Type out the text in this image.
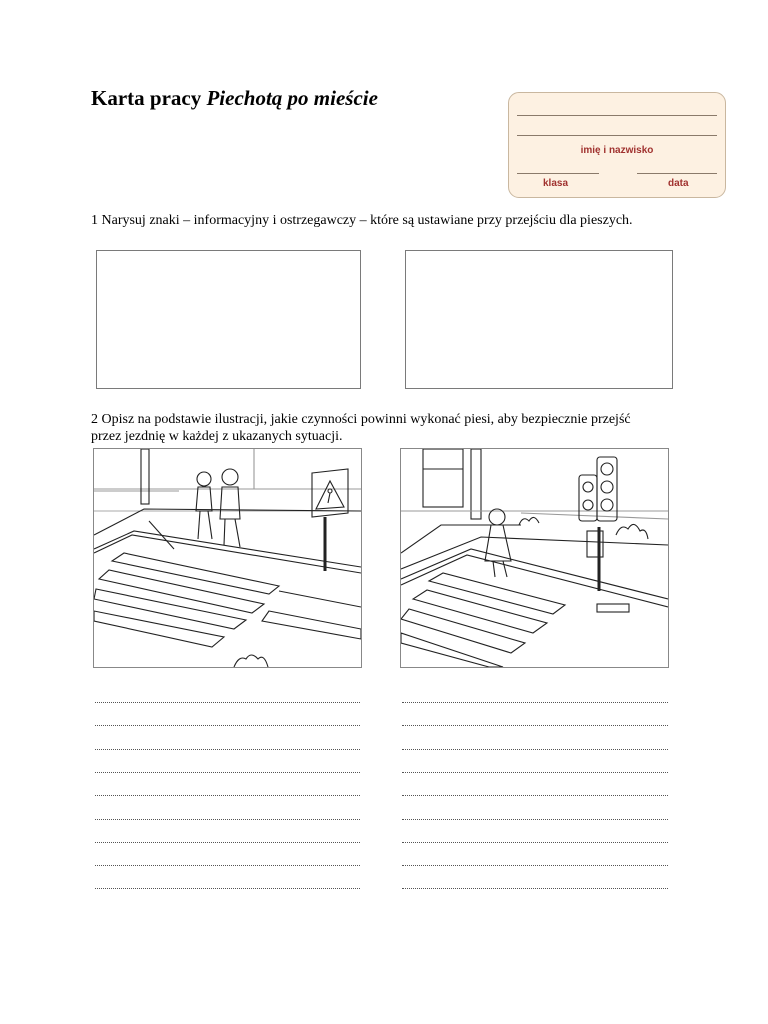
Karta pracy Piechotą po mieście
imię i nazwisko
klasa	data
1 Narysuj znaki – informacyjny i ostrzegawczy – które są ustawiane przy przejściu dla pieszych.
2 Opisz na podstawie ilustracji, jakie czynności powinni wykonać piesi, aby bezpiecznie przejść przez jezdnię w każdej z ukazanych sytuacji.
